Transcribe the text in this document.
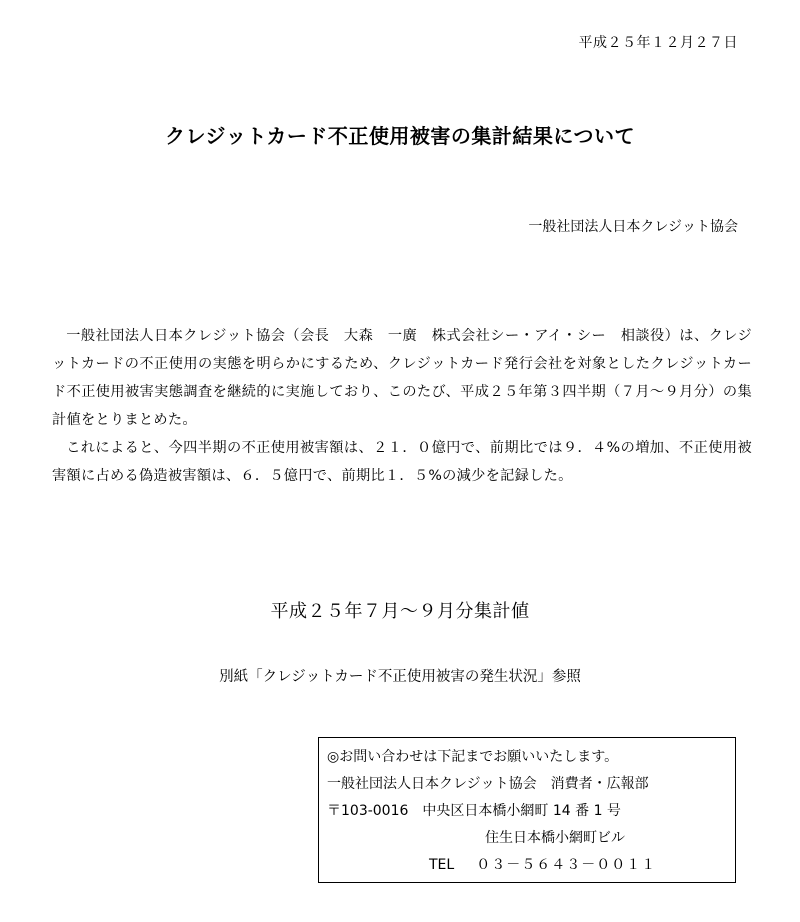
平成２５年１２月２７日
クレジットカード不正使用被害の集計結果について
一般社団法人日本クレジット協会

一般社団法人日本クレジット協会（会長　大森　一廣　株式会社シー・アイ・シー　相談役）は、クレジットカードの不正使用の実態を明らかにするため、クレジットカード発行会社を対象としたクレジットカード不正使用被害実態調査を継続的に実施しており、このたび、平成２５年第３四半期（７月～９月分）の集計値をとりまとめた。

これによると、今四半期の不正使用被害額は、２１．０億円で、前期比では９．４%の増加、不正使用被害額に占める偽造被害額は、６．５億円で、前期比１．５%の減少を記録した。

平成２５年７月～９月分集計値
別紙「クレジットカード不正使用被害の発生状況」参照
◎お問い合わせは下記までお願いいたします。
一般社団法人日本クレジット協会　消費者・広報部
〒103-0016　中央区日本橋小網町 14 番 1 号
住生日本橋小網町ビル
TEL ０３－５６４３－００１１
